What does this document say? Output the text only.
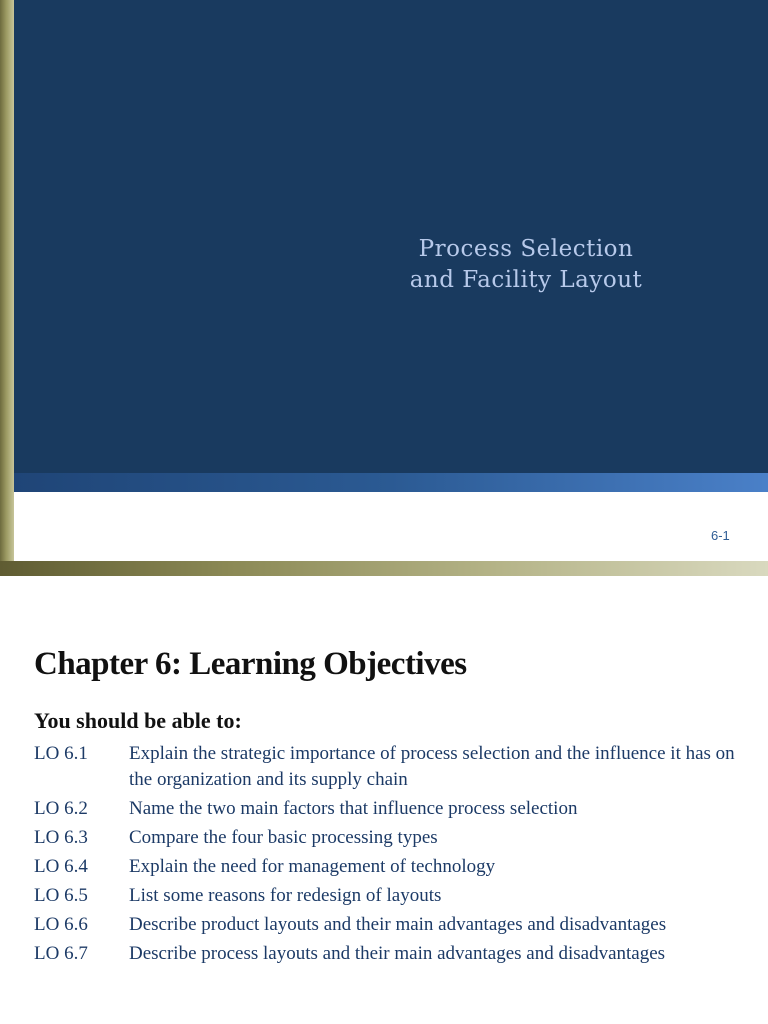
Process Selection
and Facility Layout
6-1
Chapter 6: Learning Objectives
You should be able to:
LO 6.1	Explain the strategic importance of process selection and the influence it has on the organization and its supply chain
LO 6.2	Name the two main factors that influence process selection
LO 6.3	Compare the four basic processing types
LO 6.4	Explain the need for management of technology
LO 6.5	List some reasons for redesign of layouts
LO 6.6	Describe product layouts and their main advantages and disadvantages
LO 6.7	Describe process layouts and their main advantages and disadvantages
